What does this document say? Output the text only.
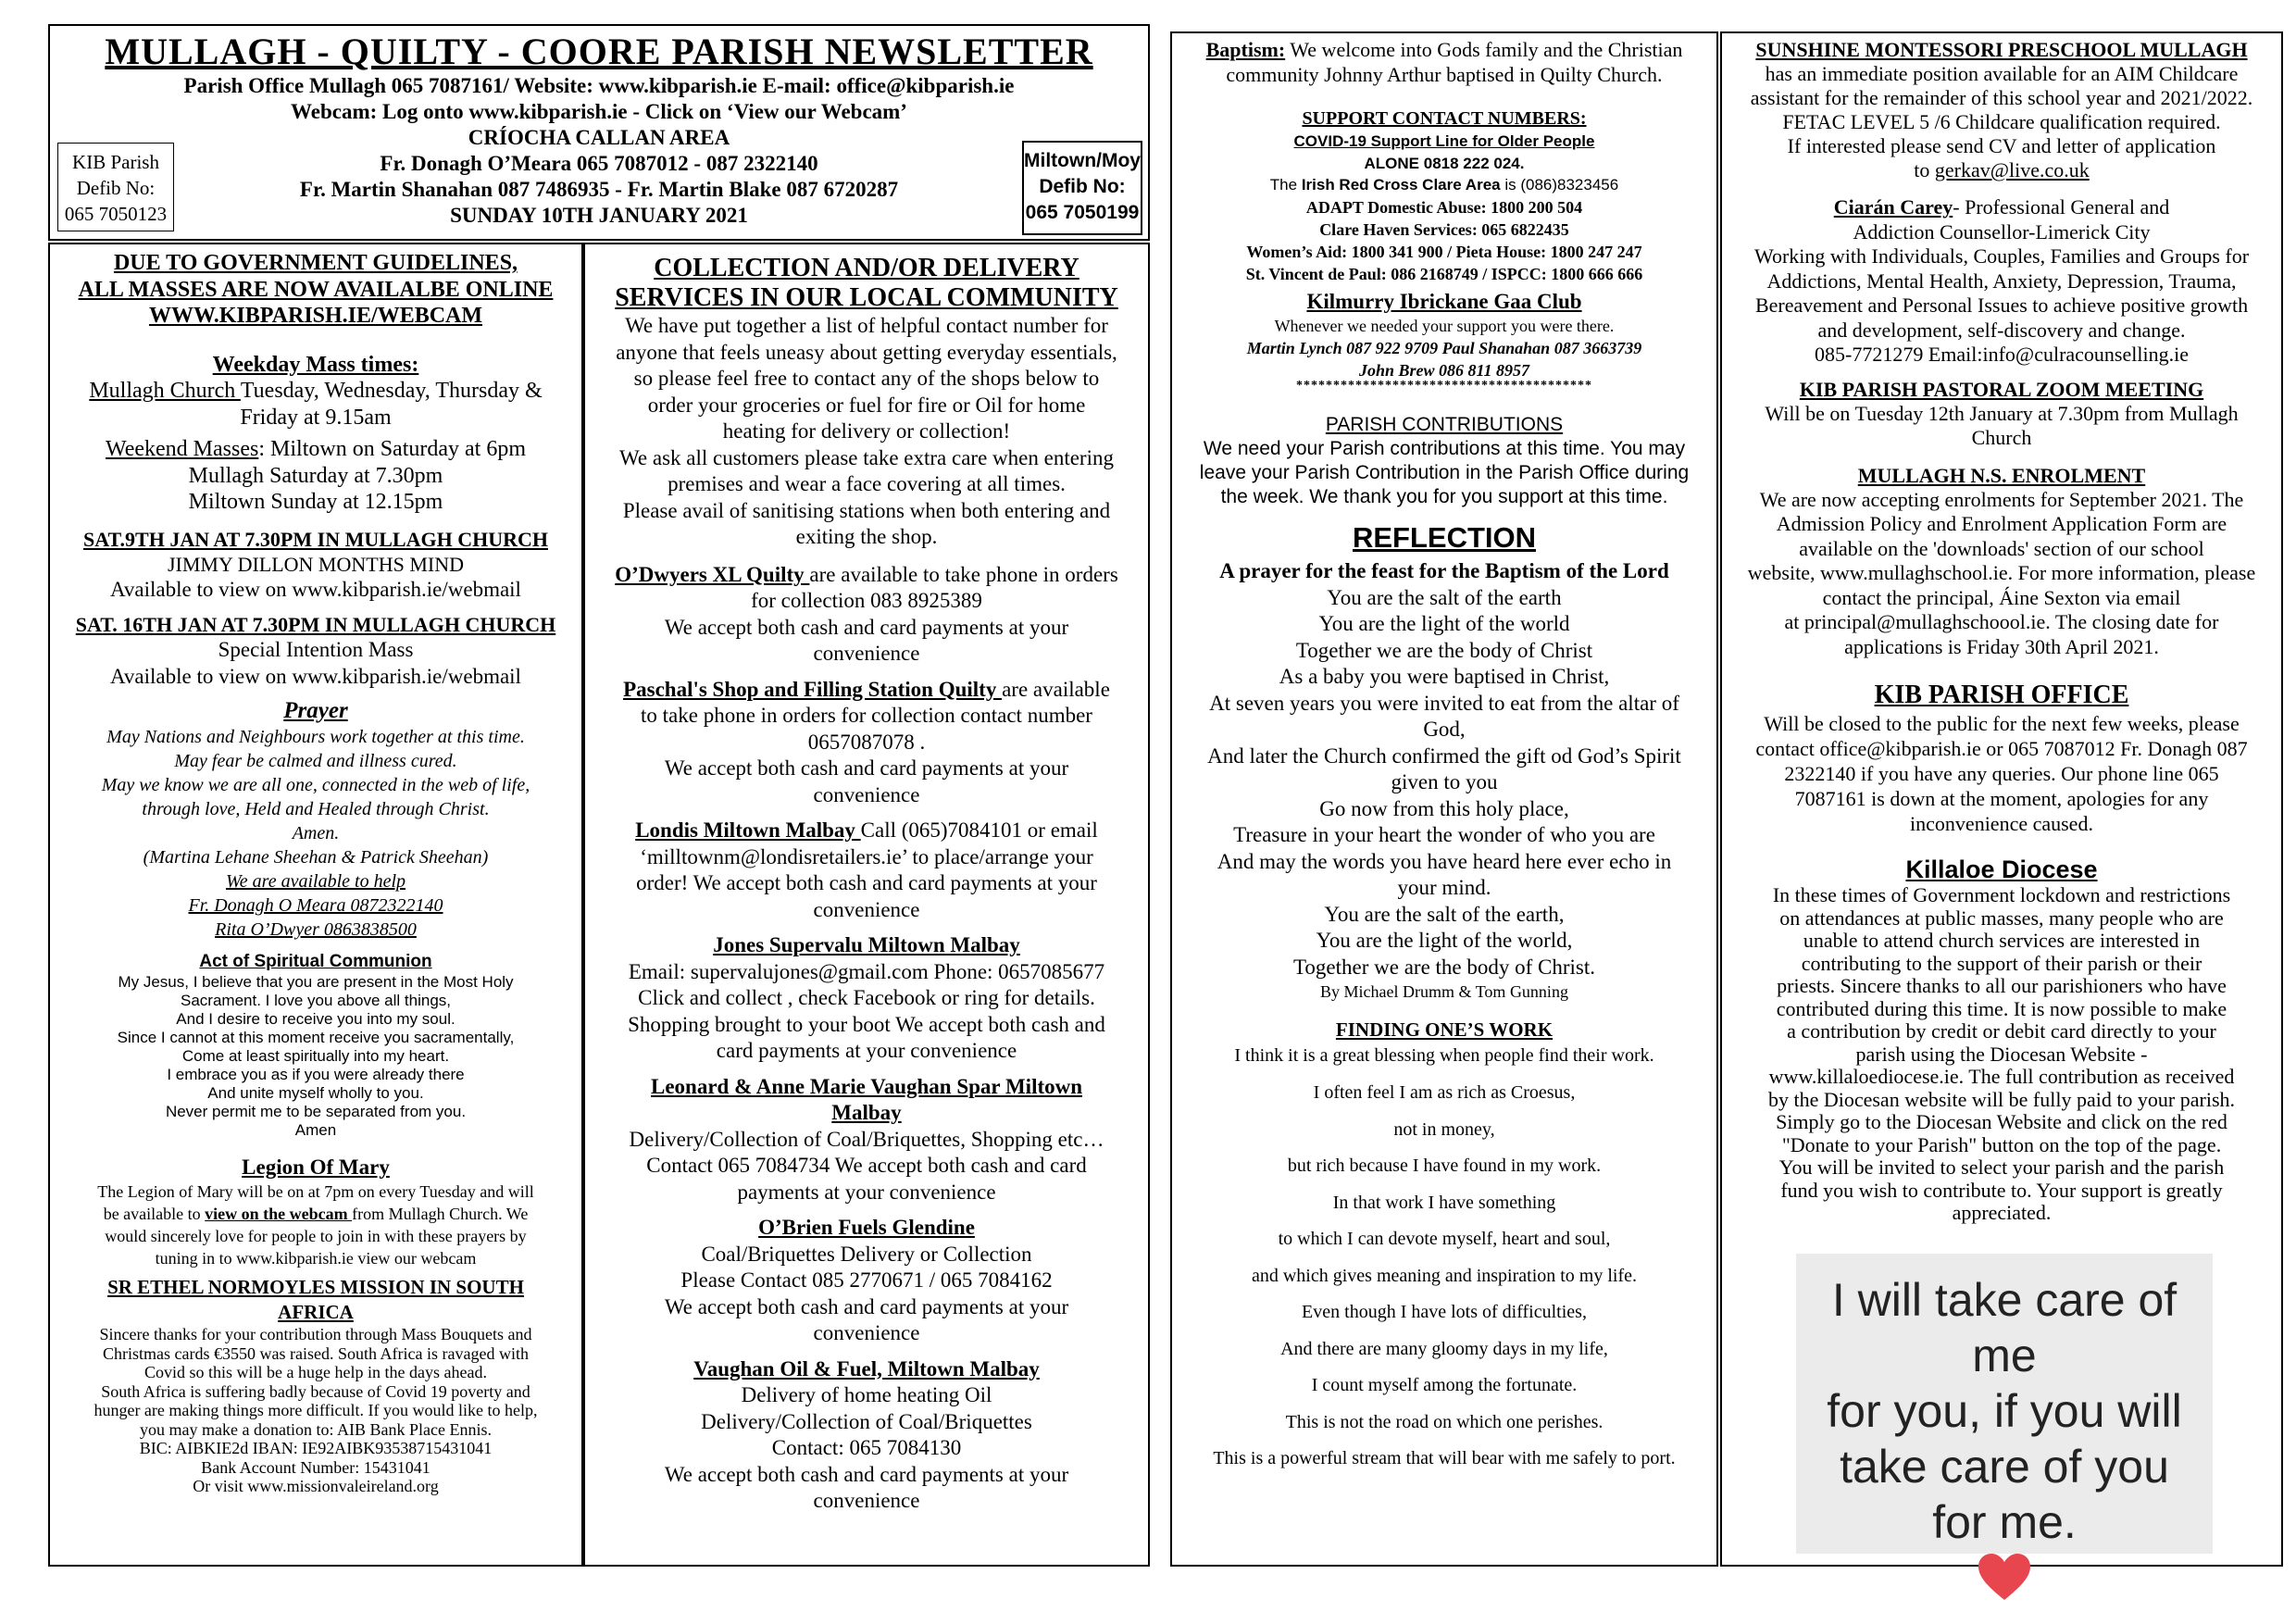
MULLAGH - QUILTY - COORE PARISH NEWSLETTER
Parish Office Mullagh 065 7087161/ Website: www.kibparish.ie E-mail: office@kibparish.ie
Webcam: Log onto www.kibparish.ie - Click on ‘View our Webcam’
CRÍOCHA CALLAN AREA
Fr. Donagh O’Meara 065 7087012 - 087 2322140
Fr. Martin Shanahan 087 7486935 - Fr. Martin Blake 087 6720287
SUNDAY 10TH JANUARY 2021
KIB Parish
Defib No:
065 7050123
Miltown/Moy
Defib No:
065 7050199
DUE TO GOVERNMENT GUIDELINES,
ALL MASSES ARE NOW AVAILALBE ONLINE
WWW.KIBPARISH.IE/WEBCAM
Weekday Mass times:
Mullagh Church Tuesday, Wednesday, Thursday &
Friday at 9.15am
Weekend Masses: Miltown on Saturday at 6pm
Mullagh Saturday at 7.30pm
Miltown Sunday at 12.15pm
SAT.9TH JAN AT 7.30PM IN MULLAGH CHURCH
JIMMY DILLON MONTHS MIND
Available to view on www.kibparish.ie/webmail
SAT. 16TH JAN AT 7.30PM IN MULLAGH CHURCH
Special Intention Mass
Available to view on www.kibparish.ie/webmail
Prayer
May Nations and Neighbours work together at this time.
May fear be calmed and illness cured.
May we know we are all one, connected in the web of life,
through love, Held and Healed through Christ.
Amen.
(Martina Lehane Sheehan & Patrick Sheehan)
We are available to help
Fr. Donagh O Meara 0872322140
Rita O’Dwyer 0863838500
Act of Spiritual Communion
My Jesus, I believe that you are present in the Most Holy
Sacrament. I love you above all things,
And I desire to receive you into my soul.
Since I cannot at this moment receive you sacramentally,
Come at least spiritually into my heart.
I embrace you as if you were already there
And unite myself wholly to you.
Never permit me to be separated from you.
Amen
Legion Of Mary
The Legion of Mary will be on at 7pm on every Tuesday and will
be available to view on the webcam from Mullagh Church. We
would sincerely love for people to join in with these prayers by
tuning in to www.kibparish.ie view our webcam
SR ETHEL NORMOYLES MISSION IN SOUTH AFRICA
Sincere thanks for your contribution through Mass Bouquets and
Christmas cards €3550 was raised. South Africa is ravaged with
Covid so this will be a huge help in the days ahead.
South Africa is suffering badly because of Covid 19 poverty and
hunger are making things more difficult. If you would like to help,
you may make a donation to: AIB Bank Place Ennis.
BIC: AIBKIE2d IBAN: IE92AIBK93538715431041
Bank Account Number: 15431041
Or visit www.missionvaleireland.org
COLLECTION AND/OR DELIVERY
SERVICES IN OUR LOCAL COMMUNITY
We have put together a list of helpful contact number for
anyone that feels uneasy about getting everyday essentials,
so please feel free to contact any of the shops below to
order your groceries or fuel for fire or Oil for home
heating for delivery or collection!
We ask all customers please take extra care when entering
premises and wear a face covering at all times.
Please avail of sanitising stations when both entering and
exiting the shop.
O’Dwyers XL Quilty are available to take phone in orders
for collection 083 8925389
We accept both cash and card payments at your
convenience
Paschal's Shop and Filling Station Quilty are available
to take phone in orders for collection contact number
0657087078 .
We accept both cash and card payments at your
convenience
Londis Miltown Malbay Call (065)7084101 or email
‘milltownm@londisretailers.ie’ to place/arrange your
order! We accept both cash and card payments at your
convenience
Jones Supervalu Miltown Malbay
Email: supervalujones@gmail.com Phone: 0657085677
Click and collect , check Facebook or ring for details.
Shopping brought to your boot We accept both cash and
card payments at your convenience
Leonard & Anne Marie Vaughan Spar Miltown
Malbay
Delivery/Collection of Coal/Briquettes, Shopping etc…
Contact 065 7084734 We accept both cash and card
payments at your convenience
O’Brien Fuels Glendine
Coal/Briquettes Delivery or Collection
Please Contact 085 2770671 / 065 7084162
We accept both cash and card payments at your
convenience
Vaughan Oil & Fuel, Miltown Malbay
Delivery of home heating Oil
Delivery/Collection of Coal/Briquettes
Contact: 065 7084130
We accept both cash and card payments at your
convenience
Baptism: We welcome into Gods family and the Christian
community Johnny Arthur baptised in Quilty Church.
SUPPORT CONTACT NUMBERS:
COVID-19 Support Line for Older People
ALONE 0818 222 024.
The Irish Red Cross Clare Area is (086)8323456
ADAPT Domestic Abuse: 1800 200 504
Clare Haven Services: 065 6822435
Women’s Aid: 1800 341 900 / Pieta House: 1800 247 247
St. Vincent de Paul: 086 2168749 / ISPCC: 1800 666 666
Kilmurry Ibrickane Gaa Club
Whenever we needed your support you were there.
Martin Lynch 087 922 9709 Paul Shanahan 087 3663739
John Brew 086 811 8957
****************************************
PARISH CONTRIBUTIONS
We need your Parish contributions at this time. You may
leave your Parish Contribution in the Parish Office during
the week. We thank you for you support at this time.
REFLECTION
A prayer for the feast for the Baptism of the Lord
You are the salt of the earth
You are the light of the world
Together we are the body of Christ
As a baby you were baptised in Christ,
At seven years you were invited to eat from the altar of
God,
And later the Church confirmed the gift od God’s Spirit
given to you
Go now from this holy place,
Treasure in your heart the wonder of who you are
And may the words you have heard here ever echo in
your mind.
You are the salt of the earth,
You are the light of the world,
Together we are the body of Christ.
By Michael Drumm & Tom Gunning
FINDING ONE’S WORK
I think it is a great blessing when people find their work.
I often feel I am as rich as Croesus,
not in money,
but rich because I have found in my work.
In that work I have something
to which I can devote myself, heart and soul,
and which gives meaning and inspiration to my life.
Even though I have lots of difficulties,
And there are many gloomy days in my life,
I count myself among the fortunate.
This is not the road on which one perishes.
This is a powerful stream that will bear with me safely to port.
SUNSHINE MONTESSORI PRESCHOOL MULLAGH
has an immediate position available for an AIM Childcare
assistant for the remainder of this school year and 2021/2022.
FETAC LEVEL 5 /6 Childcare qualification required.
If interested please send CV and letter of application
to gerkav@live.co.uk
Ciarán Carey- Professional General and
Addiction Counsellor-Limerick City
Working with Individuals, Couples, Families and Groups for
Addictions, Mental Health, Anxiety, Depression, Trauma,
Bereavement and Personal Issues to achieve positive growth
and development, self-discovery and change.
085-7721279 Email:info@culracounselling.ie
KIB PARISH PASTORAL ZOOM MEETING
Will be on Tuesday 12th January at 7.30pm from Mullagh
Church
MULLAGH N.S. ENROLMENT
We are now accepting enrolments for September 2021. The
Admission Policy and Enrolment Application Form are
available on the 'downloads' section of our school
website, www.mullaghschool.ie. For more information, please
contact the principal, Áine Sexton via email
at principal@mullaghschoool.ie. The closing date for
applications is Friday 30th April 2021.
KIB PARISH OFFICE
Will be closed to the public for the next few weeks, please
contact office@kibparish.ie or 065 7087012 Fr. Donagh 087
2322140 if you have any queries. Our phone line 065
7087161 is down at the moment, apologies for any
inconvenience caused.
Killaloe Diocese
In these times of Government lockdown and restrictions
on attendances at public masses, many people who are
unable to attend church services are interested in
contributing to the support of their parish or their
priests. Sincere thanks to all our parishioners who have
contributed during this time. It is now possible to make
a contribution by credit or debit card directly to your
parish using the Diocesan Website -
www.killaloediocese.ie. The full contribution as received
by the Diocesan website will be fully paid to your parish.
Simply go to the Diocesan Website and click on the red
"Donate to your Parish" button on the top of the page.
You will be invited to select your parish and the parish
fund you wish to contribute to. Your support is greatly
appreciated.
I will take care of me
for you, if you will
take care of you
for me.
